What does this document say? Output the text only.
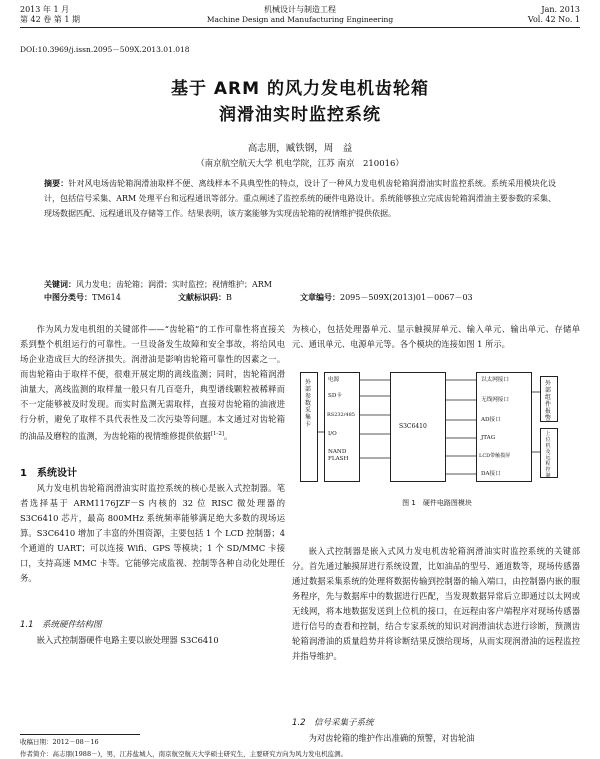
2013 年 1 月
第 42 卷 第 1 期
机械设计与制造工程
Machine Design and Manufacturing Engineering
Jan. 2013
Vol. 42 No. 1
DOI:10.3969/j.issn.2095－509X.2013.01.018
基于 ARM 的风力发电机齿轮箱
润滑油实时监控系统
高志朋，臧铁钢，周　益
（南京航空航天大学 机电学院，江苏 南京　210016）
摘要：针对风电场齿轮箱润滑油取样不便、离线样本不具典型性的特点，设计了一种风力发电机齿轮箱润滑油实时监控系统。系统采用模块化设计，包括信号采集、ARM 处理平台和远程通讯等部分。重点阐述了监控系统的硬件电路设计。系统能够独立完成齿轮箱润滑油主要参数的采集、现场数据匹配、远程通讯及存储等工作。结果表明，该方案能够为实现齿轮箱的视情维护提供依据。
关键词：风力发电；齿轮箱；润滑；实时监控；视情维护；ARM
中图分类号：TM614	文献标识码：B	文章编号：2095－509X(2013)01－0067－03
作为风力发电机组的关键部件——“齿轮箱”的工作可靠性将直接关系到整个机组运行的可靠性。一旦设备发生故障和安全事故，将给风电场企业造成巨大的经济损失。润滑油是影响齿轮箱可靠性的因素之一。而齿轮箱由于取样不便，很难开展定期的离线监测；同时，齿轮箱润滑油量大，离线监测的取样量一般只有几百毫升，典型谱线颗粒被稀释而不一定能够被及时发现。而实时监测无需取样，直接对齿轮箱的油液进行分析，避免了取样不具代表性及二次污染等问题。本文通过对齿轮箱的油品及磨粒的监测，为齿轮箱的视情维修提供依据[1-2]。
1　系统设计
风力发电机齿轮箱润滑油实时监控系统的核心是嵌入式控制器。笔者选择基于 ARM1176JZF－S 内核的 32 位 RISC 微处理器的 S3C6410 芯片，最高 800MHz 系统频率能够满足绝大多数的现场运算。S3C6410 增加了丰富的外围资源，主要包括 1 个 LCD 控制器；4 个通道的 UART；可以连接 Wifi、GPS 等模块；1 个 SD/MMC 卡接口，支持高速 MMC 卡等。它能够完成监视、控制等各种自动化处理任务。
1.1　系统硬件结构图
嵌入式控制器硬件电路主要以嵌处理器 S3C6410
为核心，包括处理器单元、显示触摸屏单元、输入单元、输出单元、存储单元、通讯单元、电源单元等。各个模块的连接如图 1 所示。
外部参数采集卡
电源
SD卡
RS232/485
I/O
NAND FLASH
S3C6410
以太网接口
无线网接口
AD接口
JTAG
LCD带触摸屏
DA接口
外部组件报警
上位机及远程控制
图 1　硬件电路图模块
嵌入式控制器是嵌入式风力发电机齿轮箱润滑油实时监控系统的关键部分。首先通过触摸屏进行系统设置，比如油品的型号、通道数等，现场传感器通过数据采集系统的处理将数据传输到控制器的输入端口，由控制器内嵌的服务程序，先与数据库中的数据进行匹配，当发现数据异常后立即通过以太网或无线网，将本地数据发送到上位机的接口，在远程由客户端程序对现场传感器进行信号的查看和控制，结合专家系统的知识对润滑油状态进行诊断，预测齿轮箱润滑油的质量趋势并将诊断结果反馈给现场，从而实现润滑油的远程监控并指导维护。
1.2　信号采集子系统
为对齿轮箱的维护作出准确的预警，对齿轮油
收稿日期：2012－08－16
作者简介：高志朋(1988－)，男，江苏盐城人，南京航空航天大学硕士研究生，主要研究方向为风力发电机监测。
